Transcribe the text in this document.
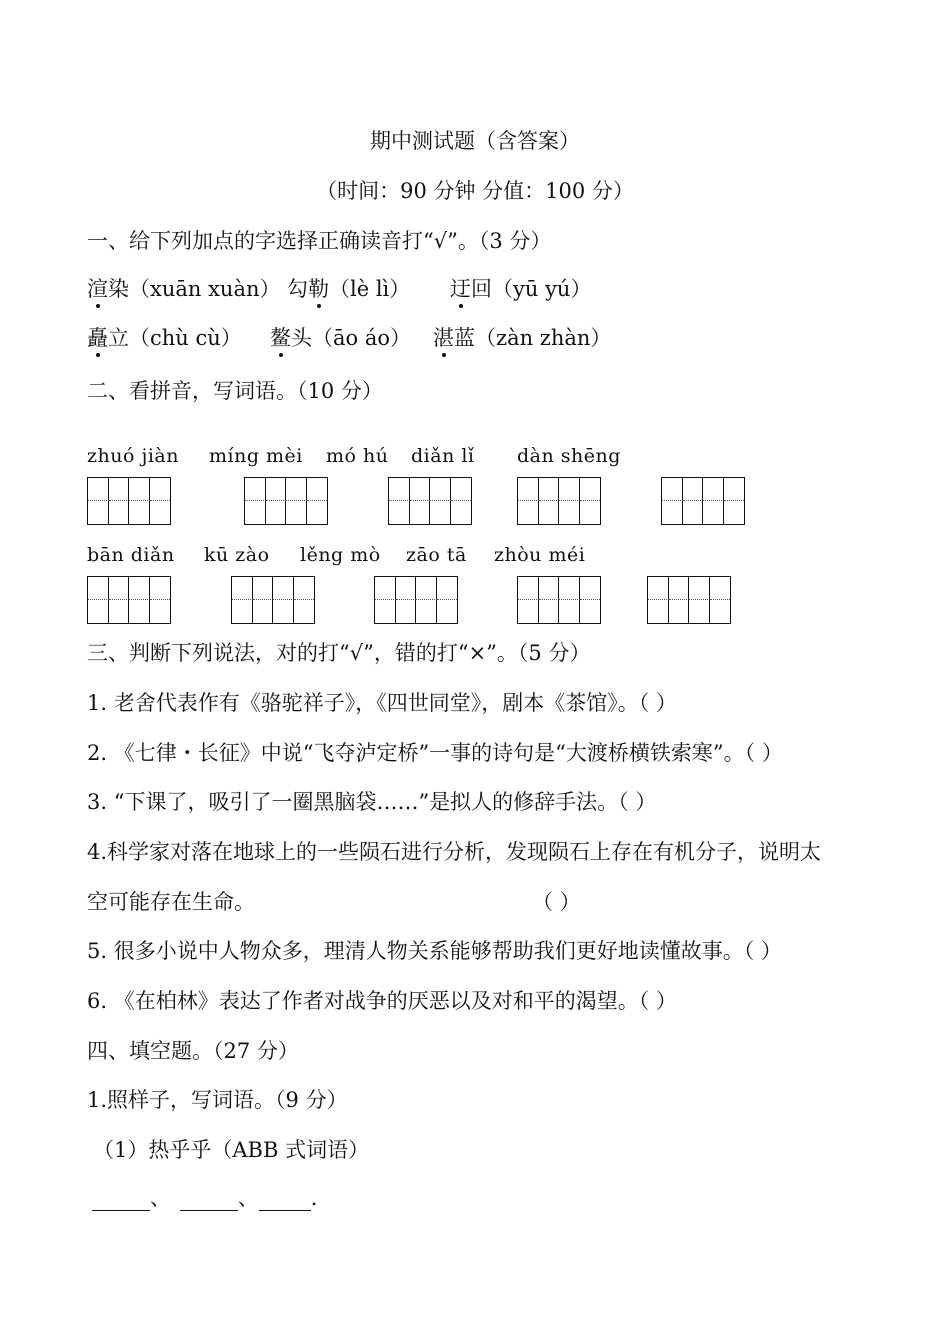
期中测试题（含答案）
（时间：90 分钟 分值：100 分）
一、给下列加点的字选择正确读音打“√”。（3 分）
渲染（xuān xuàn） 勾勒（lè lì） 迂回（yū yú）
矗立（chù cù） 鳌头（āo áo） 湛蓝（zàn zhàn）
二、看拼音，写词语。（10 分）
zhuó jiàn míng mèi mó hú diǎn lǐ dàn shēng
bān diǎn kū zào lěng mò zāo tā zhòu méi
三、判断下列说法，对的打“√”，错的打“×”。（5 分）
1. 老舍代表作有《骆驼祥子》，《四世同堂》，剧本《茶馆》。（ ）
2. 《七律・长征》中说“飞夺泸定桥”一事的诗句是“大渡桥横铁索寒”。（ ）
3. “下课了，吸引了一圈黑脑袋……”是拟人的修辞手法。（ ）
4.科学家对落在地球上的一些陨石进行分析，发现陨石上存在有机分子，说明太
空可能存在生命。	（ ）
5. 很多小说中人物众多，理清人物关系能够帮助我们更好地读懂故事。（ ）
6. 《在柏林》表达了作者对战争的厌恶以及对和平的渴望。（ ）
四、填空题。（27 分）
1.照样子，写词语。（9 分）
（1）热乎乎（ABB 式词语）
、	、 .
